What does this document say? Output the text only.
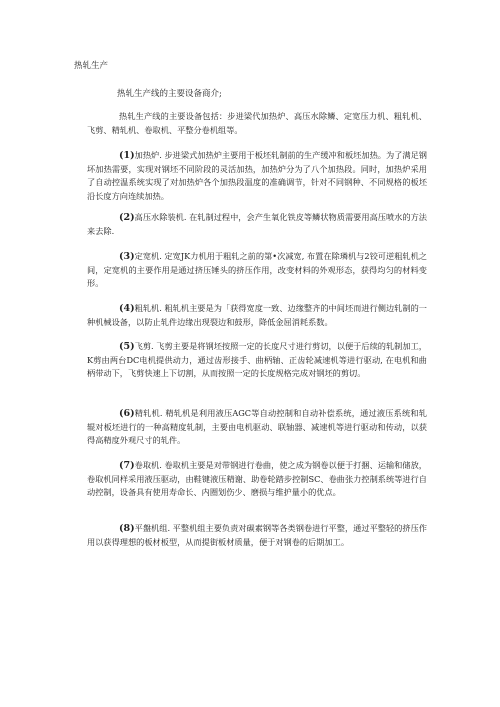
热轧生产

热轧生产线的主要设备商介;

热轧生产线的主要设备包括：步进梁代加热炉、高压水除鳞、定宽压力机、粗轧机、飞剪、精轧机、卷取机、平整分卷机组等。

(1)加热炉. 步进梁式加热炉主要用于板坯轧制前的生产缓冲和板坯加热。为了满足钢坏加热需要，实现对钢坯不同阶段的灵活加热，加热炉分为了八个加热段。同时，加热炉采用了自动控温系统实现了对加热炉各个加热段温度的准确调节，针对不同钢种、不同规格的板坯沿长度方向连续加热。

(2)高压水除装机. 在轧制过程中，会产生氧化铁皮等鳞状物质需要用高压喷水的方法来去除.

(3)定宽机. 定宽JK力机用于粗轧之前的第•次减宽, 布置在除璘机与2铰可逆粗轧机之间，定宽机的主要作用是通过挤压锤头的挤压作用，改变材料的外观形态，获得均匀的材料变形。

(4)粗轧机. 粗轧机主要是为「获得宽度一致、边缘整齐的中间坯而进行侧边轧制的一种机械设备，以防止轧件边缘出现裂边和鼓形，降低金屈消耗系数。

(5)飞剪. 飞剪主要是将钢坯按照一定的长度尺寸进行剪切，以便于后续的轧制加工，K剪由两台DC电机提供动力，通过齿形接手、曲柄轴、正齿轮减速机等进行驱动, 在电机和曲柄带动下，飞剪快速上下切割，从而按照一定的长度规格完成对钢坯的剪切。

(6)精轧机. 精轧机是利用液压AGC等自动控制和自动补偿系统，通过液压系统和轧辊对板坯进行的一种高精度轧制，主要由电机驱动、联轴器、减速机等进行驱动和传动，以获得高精度外观尺寸的轧件。

(7)卷取机. 卷取机主要是对带钢进行卷曲，使之成为钢卷以便于打捆、运输和储放，卷取机同样采用液压驱动，由鞋键液压精谢、助卷轮踏步控制SC、卷曲张力控制系统等进行自动控制，设备具有使用寿命长、内圈划伤少、磨损与维护量小的优点。

(8)平盤机组. 平整机组主要负责对碳素钢等各类钢卷进行平整，通过平整轻的挤压作用以获得理想的板材板型，从而提街板材质量，便于对钢卷的后期加工。
